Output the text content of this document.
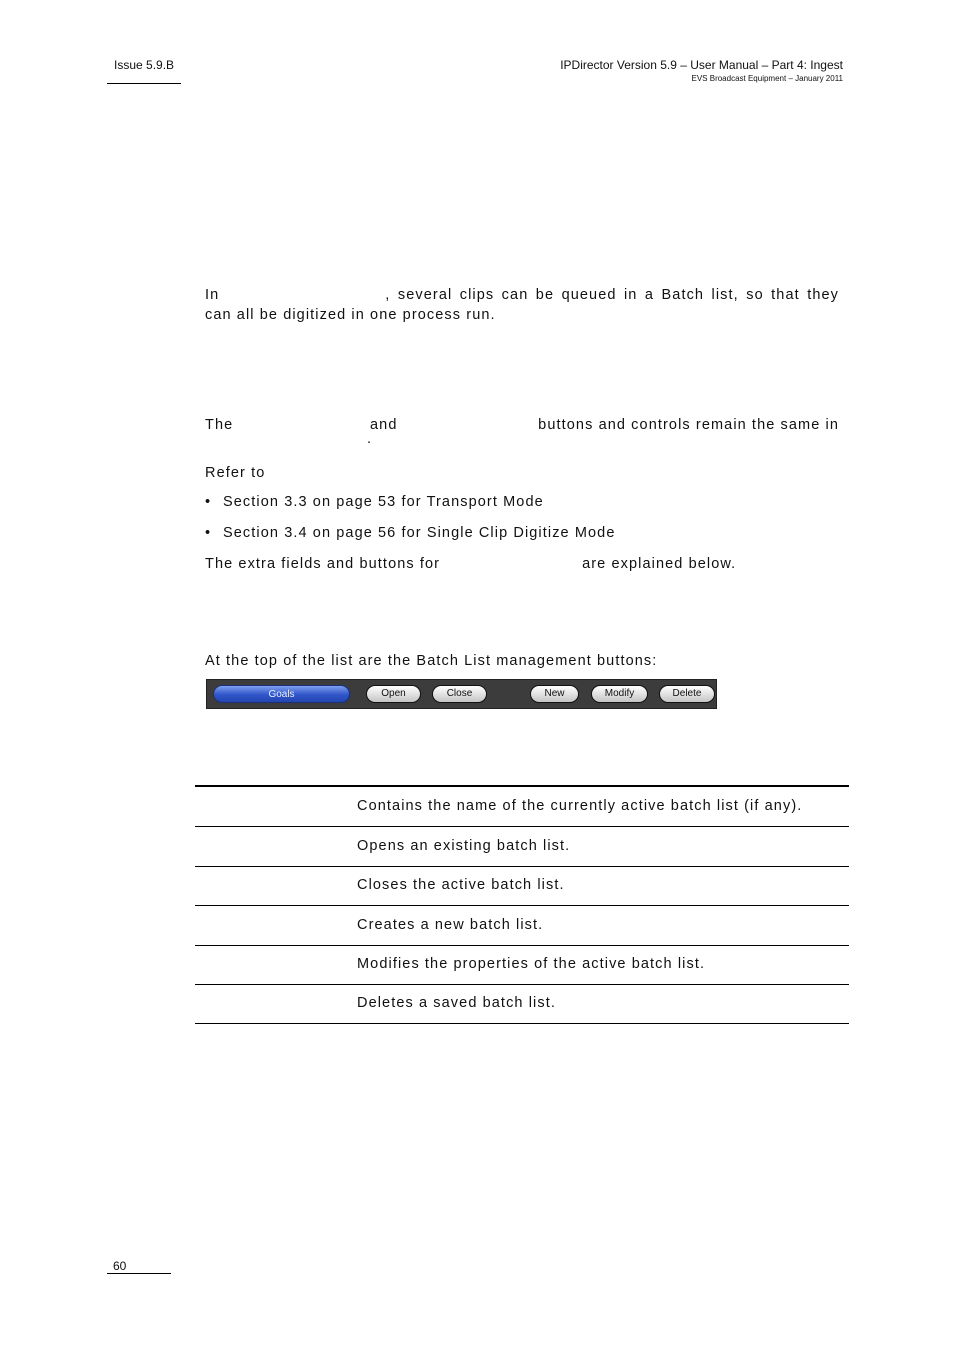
Issue 5.9.B	IPDirector Version 5.9 – User Manual – Part 4: Ingest
EVS Broadcast Equipment – January 2011
In	, several clips can be queued in a Batch list, so that they can all be digitized in one process run.
The	and	buttons and controls remain the same in
.
Refer to
• Section 3.3 on page 53 for Transport Mode
• Section 3.4 on page 56 for Single Clip Digitize Mode
The extra fields and buttons for	are explained below.
At the top of the list are the Batch List management buttons:
Goals	Open	Close	New	Modify	Delete
Contains the name of the currently active batch list (if any).
Opens an existing batch list.
Closes the active batch list.
Creates a new batch list.
Modifies the properties of the active batch list.
Deletes a saved batch list.
60
